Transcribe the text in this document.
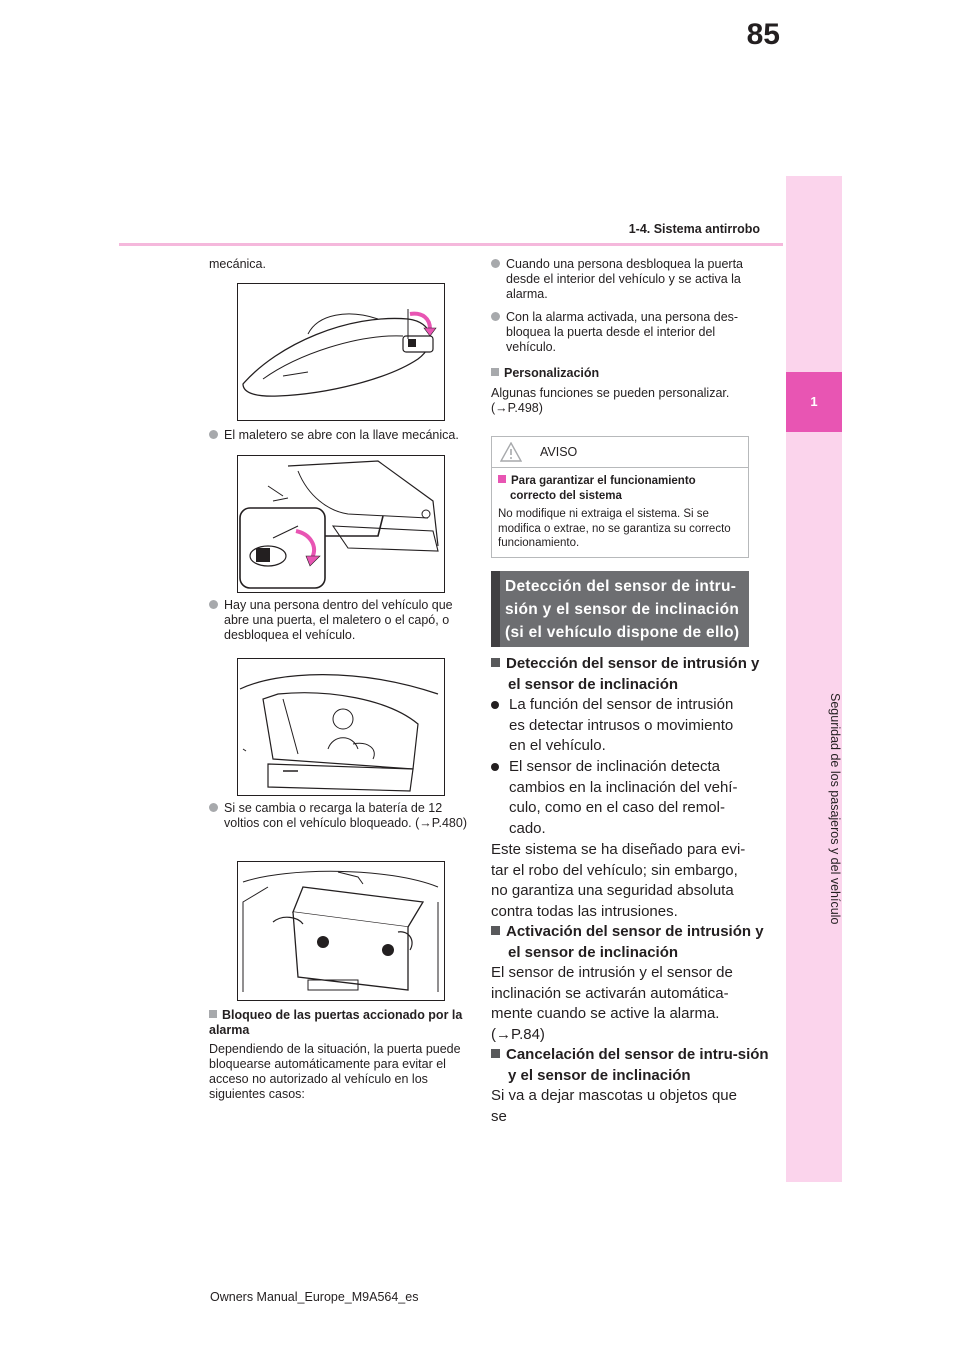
85
1-4. Sistema antirrobo
1
Seguridad de los pasajeros y del vehículo
mecánica.
El maletero se abre con la llave mecánica.
Hay una persona dentro del vehículo que abre una puerta, el maletero o el capó, o desbloquea el vehículo.
Si se cambia o recarga la batería de 12 voltios con el vehículo bloqueado. (→P.480)
Bloqueo de las puertas accionado por la alarma
Dependiendo de la situación, la puerta puede bloquearse automáticamente para evitar el acceso no autorizado al vehículo en los siguientes casos:
Cuando una persona desbloquea la puerta desde el interior del vehículo y se activa la alarma.
Con la alarma activada, una persona des-bloquea la puerta desde el interior del vehículo.
Personalización
Algunas funciones se pueden personalizar. (→P.498)
AVISO
Para garantizar el funcionamiento correcto del sistema
No modifique ni extraiga el sistema. Si se modifica o extrae, no se garantiza su correcto funcionamiento.
Detección del sensor de intru-sión y el sensor de inclinación (si el vehículo dispone de ello)
Detección del sensor de intrusión y el sensor de inclinación
La función del sensor de intrusión es detectar intrusos o movimiento en el vehículo.
El sensor de inclinación detecta cambios en la inclinación del vehí-culo, como en el caso del remol-cado.
Este sistema se ha diseñado para evi-tar el robo del vehículo; sin embargo, no garantiza una seguridad absoluta contra todas las intrusiones.
Activación del sensor de intrusión y el sensor de inclinación
El sensor de intrusión y el sensor de inclinación se activarán automática-mente cuando se active la alarma. (→P.84)
Cancelación del sensor de intru-sión y el sensor de inclinación
Si va a dejar mascotas u objetos que se
Owners Manual_Europe_M9A564_es
